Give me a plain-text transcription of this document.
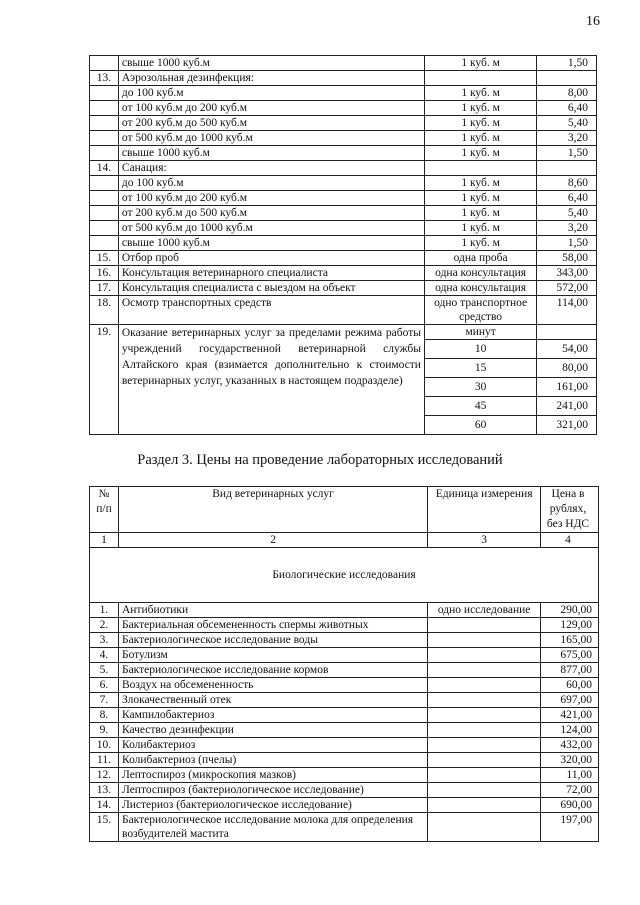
16
	свыше 1000 куб.м	1 куб. м	1,50
13.	Аэрозольная дезинфекция:		
	до 100 куб.м	1 куб. м	8,00
	от 100 куб.м до 200 куб.м	1 куб. м	6,40
	от 200 куб.м до 500 куб.м	1 куб. м	5,40
	от 500 куб.м до 1000 куб.м	1 куб. м	3,20
	свыше 1000 куб.м	1 куб. м	1,50
14.	Санация:		
	до 100 куб.м	1 куб. м	8,60
	от 100 куб.м до 200 куб.м	1 куб. м	6,40
	от 200 куб.м до 500 куб.м	1 куб. м	5,40
	от 500 куб.м до 1000 куб.м	1 куб. м	3,20
	свыше 1000 куб.м	1 куб. м	1,50
15.	Отбор проб	одна проба	58,00
16.	Консультация ветеринарного специалиста	одна консультация	343,00
17.	Консультация специалиста с выездом на объект	одна консультация	572,00
18.	Осмотр транспортных средств	одно транспортное средство	114,00
19.	Оказание ветеринарных услуг за пределами режима работы учреждений государственной ветеринарной службы Алтайского края (взимается дополнительно к стоимости ветеринарных услуг, указанных в настоящем подразделе)	минут	
		10	54,00
		15	80,00
		30	161,00
		45	241,00
		60	321,00
Раздел 3. Цены на проведение лабораторных исследований
№ п/п	Вид ветеринарных услуг	Единица измерения	Цена в рублях, без НДС
1	2	3	4
Биологические исследования			
1.	Антибиотики	одно исследование	290,00
2.	Бактериальная обсемененность спермы животных		129,00
3.	Бактериологическое исследование воды		165,00
4.	Ботулизм		675,00
5.	Бактериологическое исследование кормов		877,00
6.	Воздух на обсемененность		60,00
7.	Злокачественный отек		697,00
8.	Кампилобактериоз		421,00
9.	Качество дезинфекции		124,00
10.	Колибактериоз		432,00
11.	Колибактериоз (пчелы)		320,00
12.	Лептоспироз (микроскопия мазков)		11,00
13.	Лептоспироз (бактериологическое исследование)		72,00
14.	Листериоз (бактериологическое исследование)		690,00
15.	Бактериологическое исследование молока для определения возбудителей мастита		197,00
